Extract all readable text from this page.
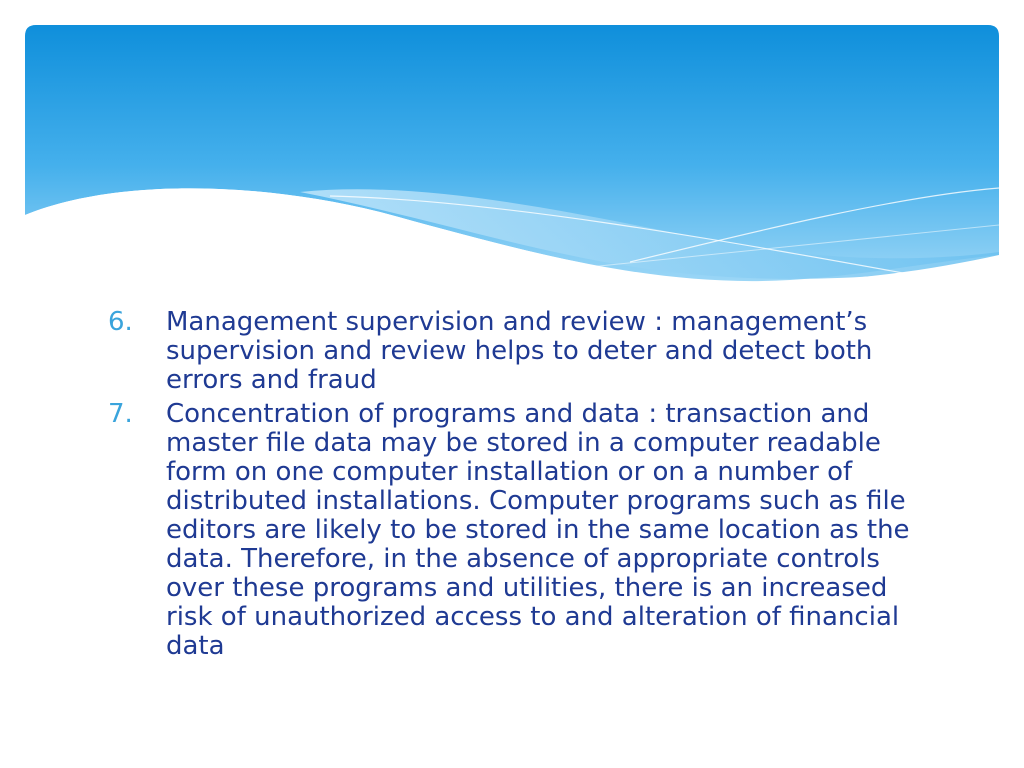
6. Management supervision and review : management’s supervision and review helps to deter and detect both errors and fraud
7. Concentration of programs and data : transaction and master file data may be stored in a computer readable form on one computer installation or on a number of distributed installations. Computer programs such as file editors are likely to be stored in the same location as the data. Therefore, in the absence of appropriate controls over these programs and utilities, there is an increased risk of unauthorized access to and alteration of financial data
